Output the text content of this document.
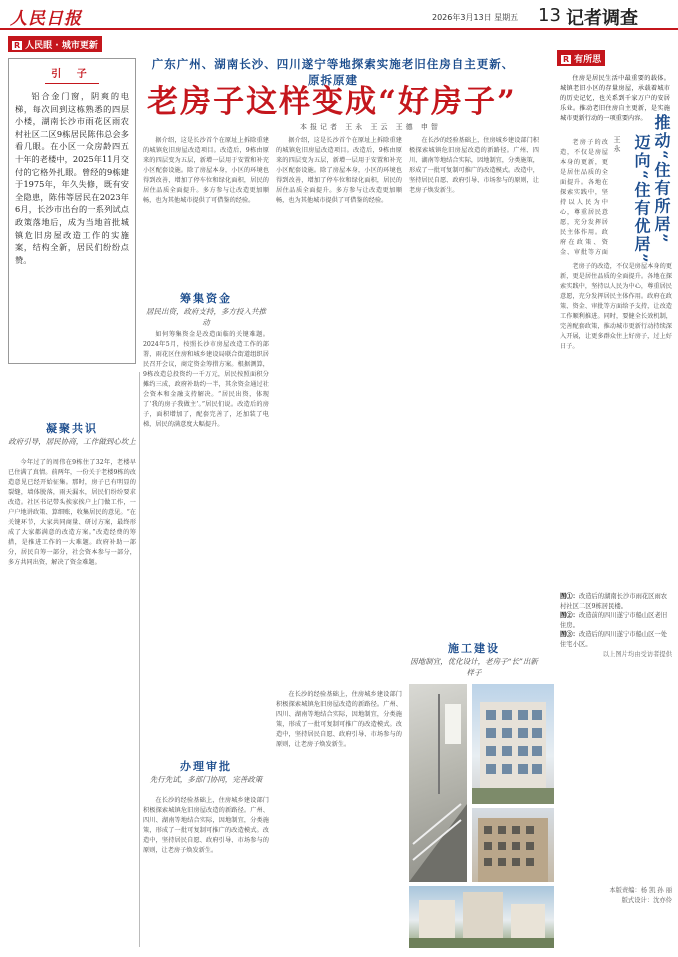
人民日报	2026年3月13日 星期五 13 记者调查
R 人民眼 · 城市更新
R 有所思
广东广州、湖南长沙、四川遂宁等地探索实施老旧住房自主更新、原拆原建
老房子这样变成“好房子”
本报记者 王永 王云 王德 申智
引 子
铝合金门窗，阴爽的电梯，每次回到这栋熟悉的四层小楼，湖南长沙市雨花区雨农村社区二区9栋居民陈伟总会多看几眼。在小区一众房龄四五十年的老楼中，2025年11月交付的它格外扎眼。曾经的9栋建于1975年，年久失修，既有安全隐患，陈伟等居民在2023年6月，长沙市出台的一系列试点政策落地后，成为当地首批城镇危旧房屋改造工作的实施案，结构全新，居民们纷纷点赞。
凝聚共识
政府引导，居民协商，工作做到心坎上

今年过了的周伟在9栋住了32年，老楼早已住满了真情。前两年，一份关于老楼9栋的改造意见已经开始征集。那时，房子已有明显的裂缝，墙体脱落，雨天漏水，居民们纷纷要求改造。社区书记带头挨家挨户上门做工作，一户户地讲政策、算细账，收集居民的意见。“在关键环节，大家共同商量、研讨方案，最终形成了大家都满意的改造方案。”改造经费的筹措，是推进工作的一大难题。政府补助一部分，居民自筹一部分，社会资本参与一部分，多方共同出资，解决了资金难题。

据介绍，这是长沙首个在原址上拆除重建的城镇危旧房屋改造项目。改造后，9栋由原来的四层变为五层，新增一层用于安置和补充小区配套设施。除了房屋本身，小区的环境也得到改善，增加了停车位和绿化面积，居民的居住品质全面提升。多方参与让改造更加顺畅，也为其他城市提供了可借鉴的经验。

筹集资金
居民出资，政府支持，多方投入共推动

如何筹集资金是改造面临的关键难题。2024年5月，按照长沙市房屋改造工作的部署，雨花区住房和城乡建设局联合街道组织居民召开会议，商定资金筹措方案。根据测算，9栋改造总投资约一千万元，居民按照面积分摊约三成，政府补助约一半，其余资金通过社会资本和金融支持解决。“居民出资，体现了‘我的房子我做主’。”居民们说。改造后的房子，面积增加了，配套完善了，还加装了电梯，居民的满意度大幅提升。

办理审批
先行先试，多部门协同，完善政策

在长沙的经验基础上，住房城乡建设部门积极探索城镇危旧房屋改造的新路径。广州、四川、湖南等地结合实际，因地制宜，分类施策，形成了一批可复制可推广的改造模式。改造中，坚持居民自愿、政府引导、市场参与的原则，让老房子焕发新生。

据介绍，这是长沙首个在原址上拆除重建的城镇危旧房屋改造项目。改造后，9栋由原来的四层变为五层，新增一层用于安置和补充小区配套设施。除了房屋本身，小区的环境也得到改善，增加了停车位和绿化面积，居民的居住品质全面提升。多方参与让改造更加顺畅，也为其他城市提供了可借鉴的经验。

在长沙的经验基础上，住房城乡建设部门积极探索城镇危旧房屋改造的新路径。广州、四川、湖南等地结合实际，因地制宜，分类施策，形成了一批可复制可推广的改造模式。改造中，坚持居民自愿、政府引导、市场参与的原则，让老房子焕发新生。

在长沙的经验基础上，住房城乡建设部门积极探索城镇危旧房屋改造的新路径。广州、四川、湖南等地结合实际，因地制宜，分类施策，形成了一批可复制可推广的改造模式。改造中，坚持居民自愿、政府引导、市场参与的原则，让老房子焕发新生。

施工建设
因地制宜，优化设计，老房子“长”出新样子

住房是居民生活中最重要的载体。城镇老旧小区的存量房屋，承载着城市的历史记忆，也关系到千家万户的安居乐业。推动老旧住房自主更新，是实施城市更新行动的一项重要内容。 推动“住有所居”
迈向“住有优居”
王永

老房子的改造，不仅是房屋本身的更新，更是居住品质的全面提升。各地在探索实践中，坚持以人民为中心，尊重居民意愿，充分发挥居民主体作用。政府在政策、资金、审批等方面

老房子的改造，不仅是房屋本身的更新，更是居住品质的全面提升。各地在探索实践中，坚持以人民为中心，尊重居民意愿，充分发挥居民主体作用。政府在政策、资金、审批等方面给予支持，让改造工作顺利推进。同时，要健全长效机制，完善配套政策，推动城市更新行动持续深入开展，让更多群众住上好房子，过上好日子。

图①：改造后的湖南长沙市雨花区雨农村社区二区9栋居民楼。
图②：改造前的四川遂宁市船山区老旧住房。
图③：改造后的四川遂宁市船山区一处住宅小区。
以上图片均由受访者提供
本版责编：杨 凯 孙 丽
版式设计：沈亦伶
